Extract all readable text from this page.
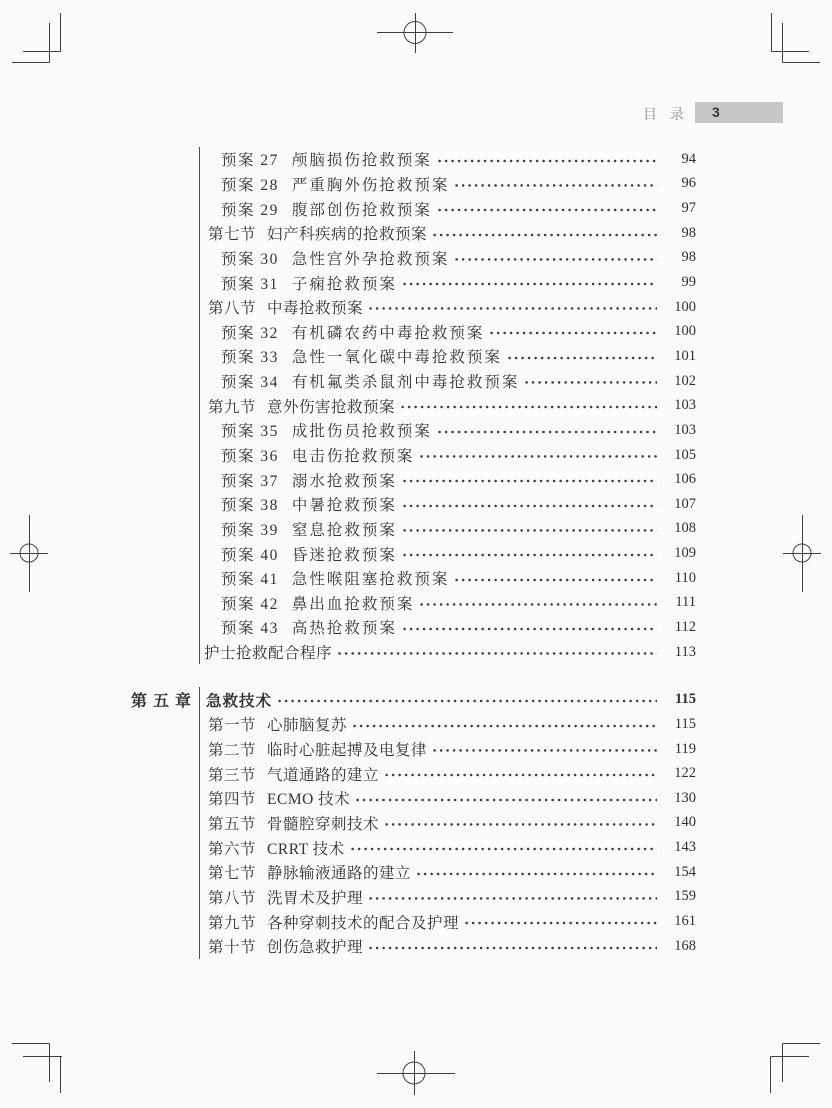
目  录 3
预案 27 颅脑损伤抢救预案	94
预案 28 严重胸外伤抢救预案	96
预案 29 腹部创伤抢救预案	97
第七节 妇产科疾病的抢救预案	98
预案 30 急性宫外孕抢救预案	98
预案 31 子痫抢救预案	99
第八节 中毒抢救预案	100
预案 32 有机磷农药中毒抢救预案	100
预案 33 急性一氧化碳中毒抢救预案	101
预案 34 有机氟类杀鼠剂中毒抢救预案	102
第九节 意外伤害抢救预案	103
预案 35 成批伤员抢救预案	103
预案 36 电击伤抢救预案	105
预案 37 溺水抢救预案	106
预案 38 中暑抢救预案	107
预案 39 窒息抢救预案	108
预案 40 昏迷抢救预案	109
预案 41 急性喉阻塞抢救预案	110
预案 42 鼻出血抢救预案	111
预案 43 高热抢救预案	112
护士抢救配合程序	113
第 五 章 急救技术	115
第一节 心肺脑复苏	115
第二节 临时心脏起搏及电复律	119
第三节 气道通路的建立	122
第四节 ECMO 技术	130
第五节 骨髓腔穿刺技术	140
第六节 CRRT 技术	143
第七节 静脉输液通路的建立	154
第八节 洗胃术及护理	159
第九节 各种穿刺技术的配合及护理	161
第十节 创伤急救护理	168
